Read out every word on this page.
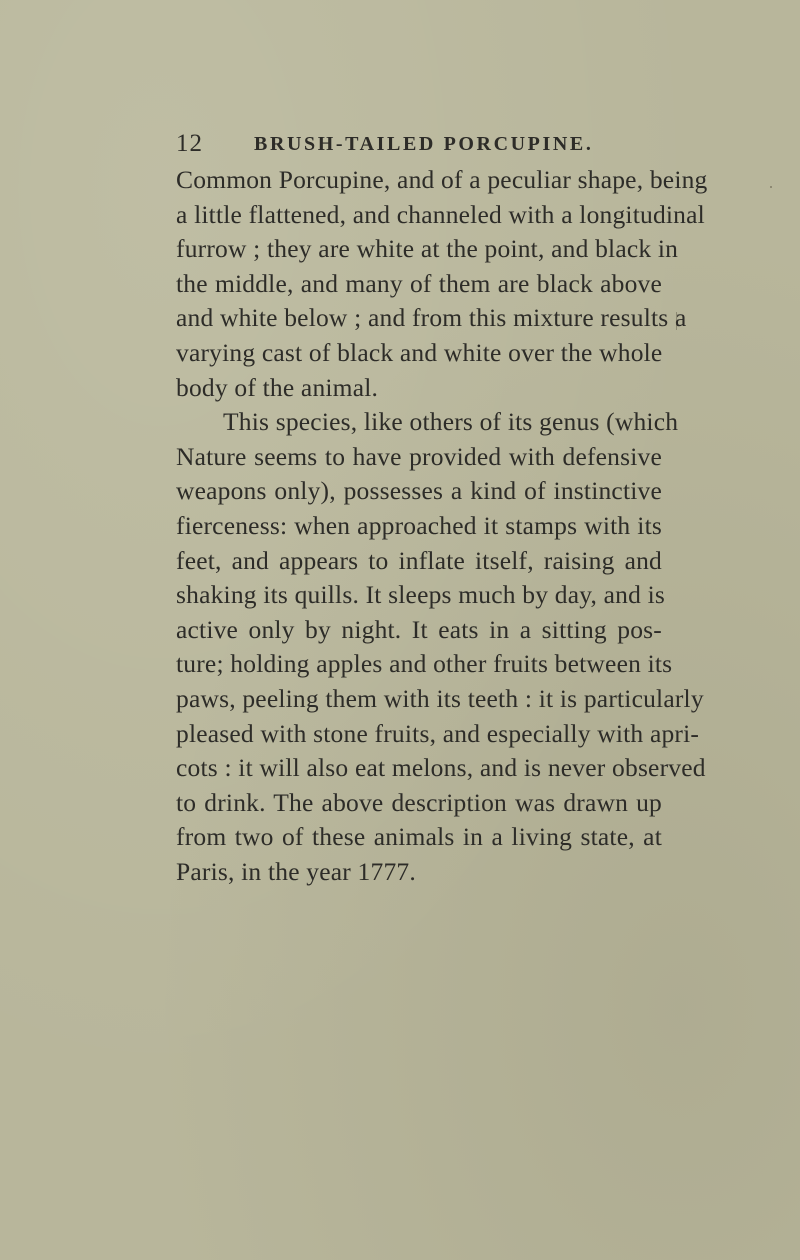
12	BRUSH-TAILED PORCUPINE.
Common Porcupine, and of a peculiar shape, being
a little flattened, and channeled with a longitudinal
furrow ; they are white at the point, and black in
the middle, and many of them are black above
and white below ; and from this mixture results a
varying cast of black and white over the whole
body of the animal.
This species, like others of its genus (which
Nature seems to have provided with defensive
weapons only), possesses a kind of instinctive
fierceness: when approached it stamps with its
feet, and appears to inflate itself, raising and
shaking its quills. It sleeps much by day, and is
active only by night. It eats in a sitting pos-
ture; holding apples and other fruits between its
paws, peeling them with its teeth : it is particularly
pleased with stone fruits, and especially with apri-
cots : it will also eat melons, and is never observed
to drink. The above description was drawn up
from two of these animals in a living state, at
Paris, in the year 1777.
